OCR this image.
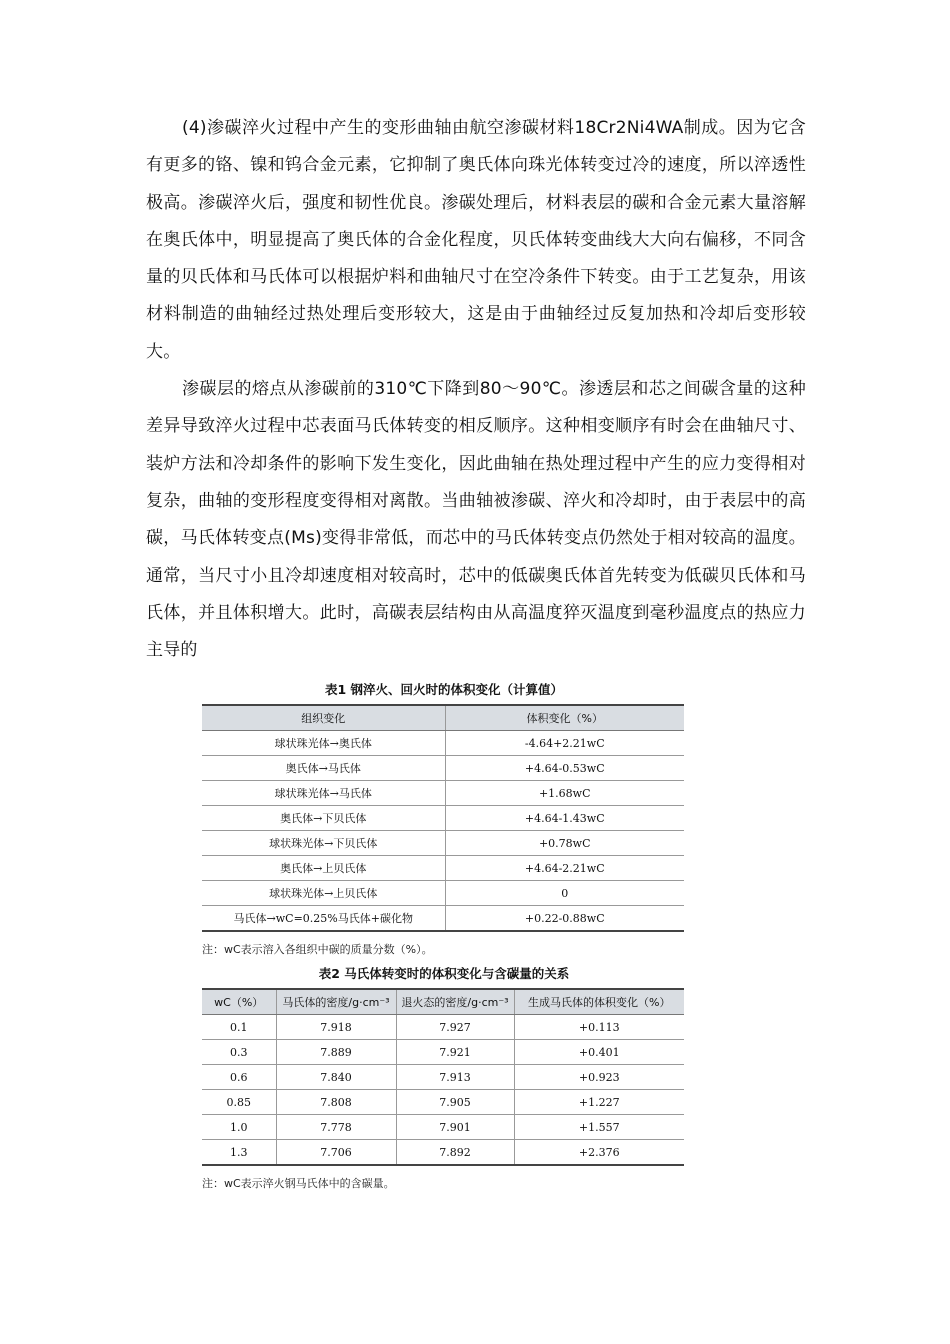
(4)渗碳淬火过程中产生的变形曲轴由航空渗碳材料18Cr2Ni4WA制成。因为它含有更多的铬、镍和钨合金元素，它抑制了奥氏体向珠光体转变过冷的速度，所以淬透性极高。渗碳淬火后，强度和韧性优良。渗碳处理后，材料表层的碳和合金元素大量溶解在奥氏体中，明显提高了奥氏体的合金化程度，贝氏体转变曲线大大向右偏移，不同含量的贝氏体和马氏体可以根据炉料和曲轴尺寸在空冷条件下转变。由于工艺复杂，用该材料制造的曲轴经过热处理后变形较大，这是由于曲轴经过反复加热和冷却后变形较大。

渗碳层的熔点从渗碳前的310℃下降到80～90℃。渗透层和芯之间碳含量的这种差异导致淬火过程中芯表面马氏体转变的相反顺序。这种相变顺序有时会在曲轴尺寸、装炉方法和冷却条件的影响下发生变化，因此曲轴在热处理过程中产生的应力变得相对复杂，曲轴的变形程度变得相对离散。当曲轴被渗碳、淬火和冷却时，由于表层中的高碳，马氏体转变点(Ms)变得非常低，而芯中的马氏体转变点仍然处于相对较高的温度。通常，当尺寸小且冷却速度相对较高时，芯中的低碳奥氏体首先转变为低碳贝氏体和马氏体，并且体积增大。此时，高碳表层结构由从高温度猝灭温度到毫秒温度点的热应力主导的

表1 钢淬火、回火时的体积变化（计算值）
组织变化	体积变化（%）
球状珠光体→奥氏体	-4.64+2.21wC
奥氏体→马氏体	+4.64-0.53wC
球状珠光体→马氏体	+1.68wC
奥氏体→下贝氏体	+4.64-1.43wC
球状珠光体→下贝氏体	+0.78wC
奥氏体→上贝氏体	+4.64-2.21wC
球状珠光体→上贝氏体	0
马氏体→wC=0.25%马氏体+碳化物	+0.22-0.88wC
注：wC表示溶入各组织中碳的质量分数（%）。
表2 马氏体转变时的体积变化与含碳量的关系
wC（%）	马氏体的密度/g·cm⁻³	退火态的密度/g·cm⁻³	生成马氏体的体积变化（%）
0.1	7.918	7.927	+0.113
0.3	7.889	7.921	+0.401
0.6	7.840	7.913	+0.923
0.85	7.808	7.905	+1.227
1.0	7.778	7.901	+1.557
1.3	7.706	7.892	+2.376
注：wC表示淬火钢马氏体中的含碳量。
